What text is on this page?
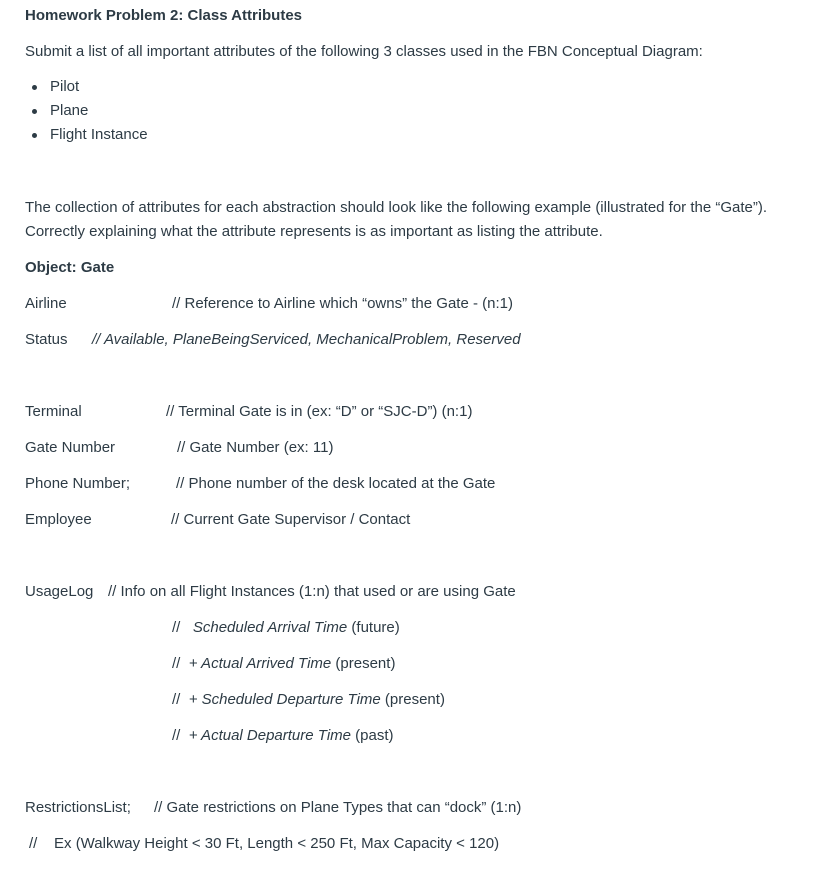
Homework Problem 2: Class Attributes
Submit a list of all important attributes of the following 3 classes used in the FBN Conceptual Diagram:
Pilot
Plane
Flight Instance
The collection of attributes for each abstraction should look like the following example (illustrated for the “Gate”).
Correctly explaining what the attribute represents is as important as listing the attribute.
Object: Gate
Airline	// Reference to Airline which “owns” the Gate - (n:1)
Status // Available, PlaneBeingServiced, MechanicalProblem, Reserved
Terminal	// Terminal Gate is in (ex: “D” or “SJC-D”) (n:1)
Gate Number	// Gate Number (ex: 11)
Phone Number;	// Phone number of the desk located at the Gate
Employee	// Current Gate Supervisor / Contact
UsageLog // Info on all Flight Instances (1:n) that used or are using Gate
// Scheduled Arrival Time (future)
// + Actual Arrived Time (present)
// + Scheduled Departure Time (present)
// + Actual Departure Time (past)
RestrictionsList; // Gate restrictions on Plane Types that can “dock” (1:n)
// Ex (Walkway Height < 30 Ft, Length < 250 Ft, Max Capacity < 120)
